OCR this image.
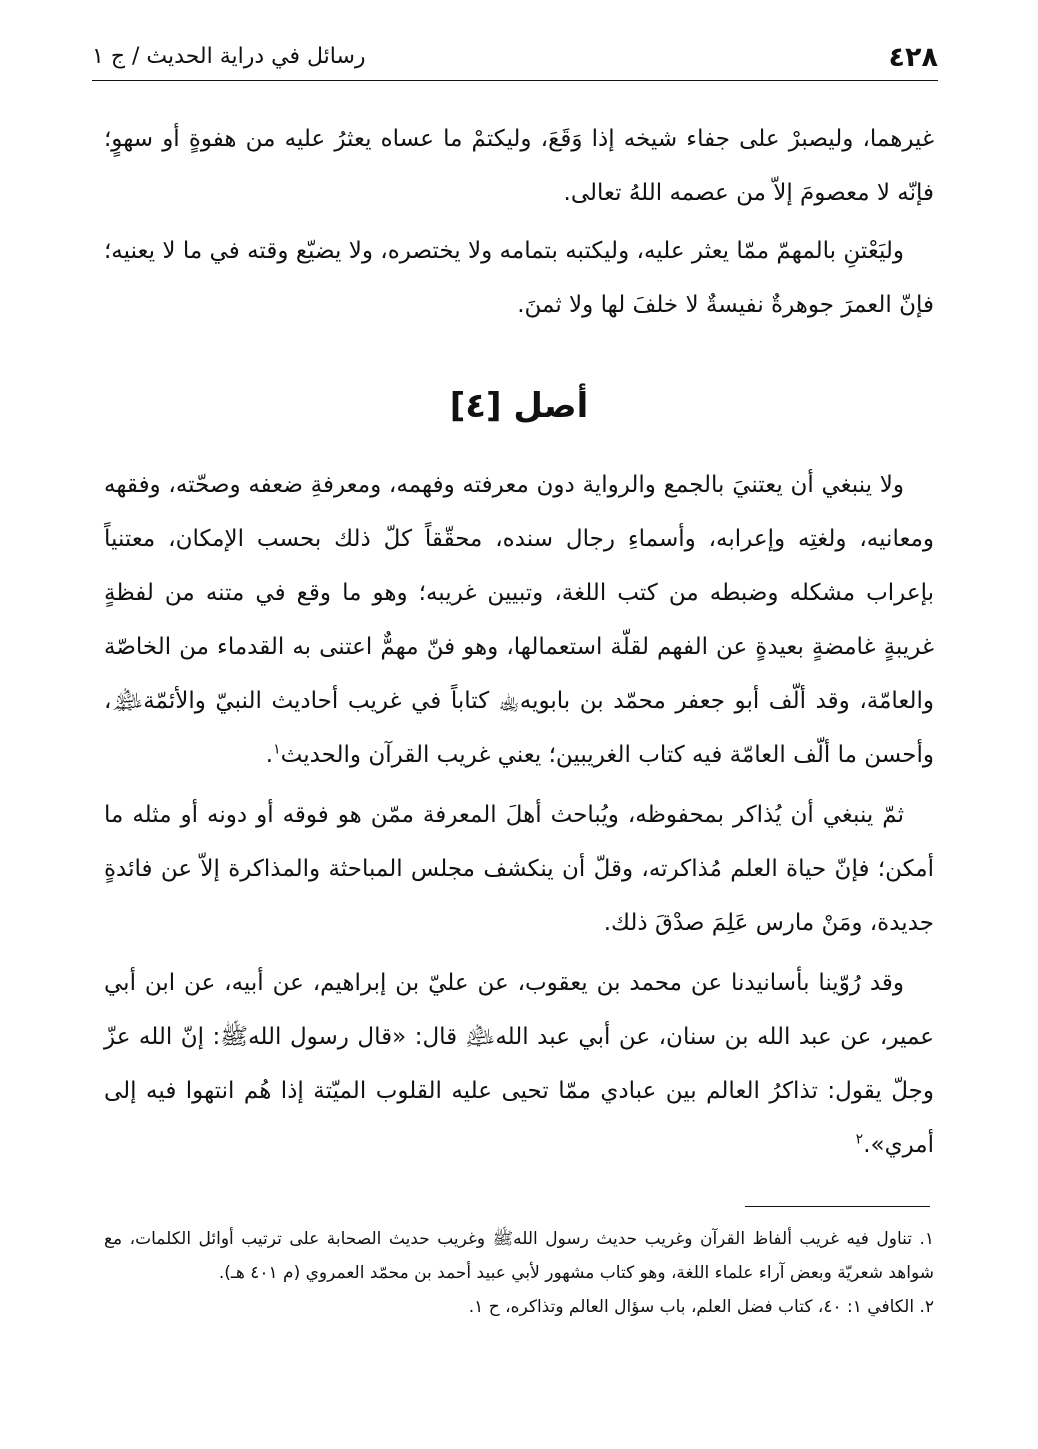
٤٢٨
رسائل في دراية الحديث / ج ١

غيرهما، وليصبرْ على جفاء شيخه إذا وَقَعَ، وليكتمْ ما عساه يعثرُ عليه من هفوةٍ أو سهوٍ؛ فإنّه لا معصومَ إلاّ من عصمه اللهُ تعالى.

وليَعْتنِ بالمهمّ ممّا يعثر عليه، وليكتبه بتمامه ولا يختصره، ولا يضيّع وقته في ما لا يعنيه؛ فإنّ العمرَ جوهرةٌ نفيسةٌ لا خلفَ لها ولا ثمنَ.

أصل [٤]

ولا ينبغي أن يعتنيَ بالجمع والرواية دون معرفته وفهمه، ومعرفةِ ضعفه وصحّته، وفقهه ومعانيه، ولغتِه وإعرابه، وأسماءِ رجال سنده، محقّقاً كلّ ذلك بحسب الإمكان، معتنياً بإعراب مشكله وضبطه من كتب اللغة، وتبيين غريبه؛ وهو ما وقع في متنه من لفظةٍ غريبةٍ غامضةٍ بعيدةٍ عن الفهم لقلّة استعمالها، وهو فنّ مهمٌّ اعتنى به القدماء من الخاصّة والعامّة، وقد ألّف أبو جعفر محمّد بن بابويه﵀ كتاباً في غريب أحاديث النبيّ والأئمّة﵈، وأحسن ما ألّف العامّة فيه كتاب الغريبين؛ يعني غريب القرآن والحديث$^١$.

ثمّ ينبغي أن يُذاكر بمحفوظه، ويُباحث أهلَ المعرفة ممّن هو فوقه أو دونه أو مثله ما أمكن؛ فإنّ حياة العلم مُذاكرته، وقلّ أن ينكشف مجلس المباحثة والمذاكرة إلاّ عن فائدةٍ جديدة، ومَنْ مارس عَلِمَ صدْقَ ذلك.

وقد رُوّينا بأسانيدنا عن محمد بن يعقوب، عن عليّ بن إبراهيم، عن أبيه، عن ابن أبي عمير، عن عبد الله بن سنان، عن أبي عبد الله﵇ قال: «قال رسول اللهﷺ: إنّ الله عزّ وجلّ يقول: تذاكرُ العالم بين عبادي ممّا تحيى عليه القلوب الميّتة إذا هُم انتهوا فيه إلى أمري».$^٢$

١. تناول فيه غريب ألفاظ القرآن وغريب حديث رسول اللهﷺ وغريب حديث الصحابة على ترتيب أوائل الكلمات، مع شواهد شعريّة وبعض آراء علماء اللغة، وهو كتاب مشهور لأبي عبيد أحمد بن محمّد العمروي (م ٤٠١ هـ).

٢. الكافي ١: ٤٠، كتاب فضل العلم، باب سؤال العالم وتذاكره، ح ١.
